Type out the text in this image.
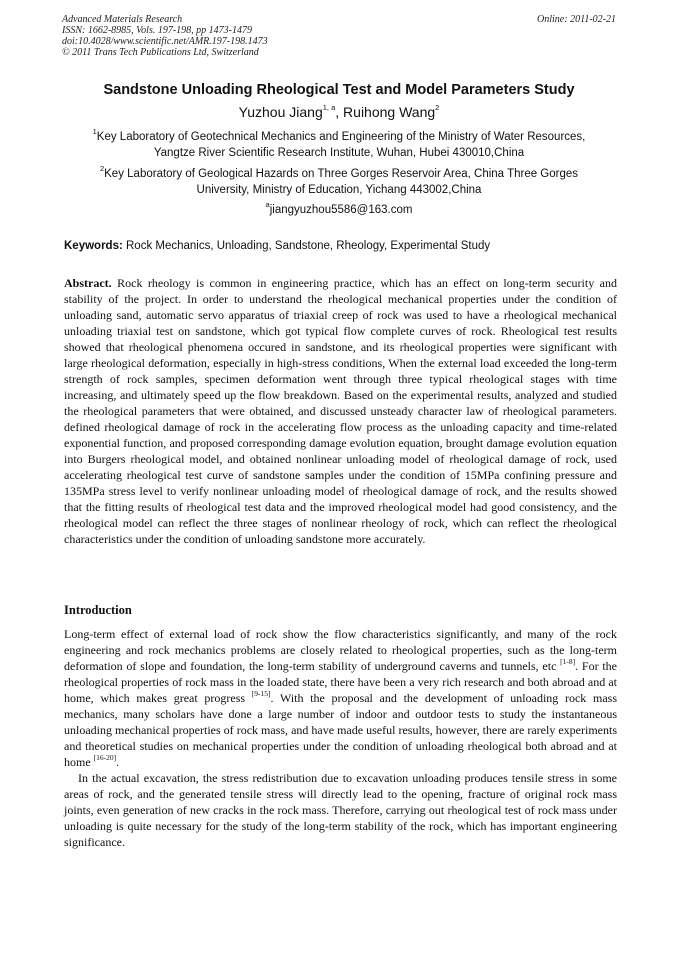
Advanced Materials Research
ISSN: 1662-8985, Vols. 197-198, pp 1473-1479
doi:10.4028/www.scientific.net/AMR.197-198.1473
© 2011 Trans Tech Publications Ltd, Switzerland
Online: 2011-02-21
Sandstone Unloading Rheological Test and Model Parameters Study
Yuzhou Jiang$^{1, a}$, Ruihong Wang$^2$
$^1$Key Laboratory of Geotechnical Mechanics and Engineering of the Ministry of Water Resources,
Yangtze River Scientific Research Institute, Wuhan, Hubei 430010,China
$^2$Key Laboratory of Geological Hazards on Three Gorges Reservoir Area, China Three Gorges
University, Ministry of Education, Yichang 443002,China
$^a$jiangyuzhou5586@163.com
Keywords: Rock Mechanics, Unloading, Sandstone, Rheology, Experimental Study
Abstract. Rock rheology is common in engineering practice, which has an effect on long-term security and stability of the project. In order to understand the rheological mechanical properties under the condition of unloading sand, automatic servo apparatus of triaxial creep of rock was used to have a rheological mechanical unloading triaxial test on sandstone, which got typical flow complete curves of rock. Rheological test results showed that rheological phenomena occured in sandstone, and its rheological properties were significant with large rheological deformation, especially in high-stress conditions, When the external load exceeded the long-term strength of rock samples, specimen deformation went through three typical rheological stages with time increasing, and ultimately speed up the flow breakdown. Based on the experimental results, analyzed and studied the rheological parameters that were obtained, and discussed unsteady character law of rheological parameters. defined rheological damage of rock in the accelerating flow process as the unloading capacity and time-related exponential function, and proposed corresponding damage evolution equation, brought damage evolution equation into Burgers rheological model, and obtained nonlinear unloading model of rheological damage of rock, used accelerating rheological test curve of sandstone samples under the condition of 15MPa confining pressure and 135MPa stress level to verify nonlinear unloading model of rheological damage of rock, and the results showed that the fitting results of rheological test data and the improved rheological model had good consistency, and the rheological model can reflect the three stages of nonlinear rheology of rock, which can reflect the rheological characteristics under the condition of unloading sandstone more accurately.
Introduction

Long-term effect of external load of rock show the flow characteristics significantly, and many of the rock engineering and rock mechanics problems are closely related to rheological properties, such as the long-term deformation of slope and foundation, the long-term stability of underground caverns and tunnels, etc [1-8]. For the rheological properties of rock mass in the loaded state, there have been a very rich research and both abroad and at home, which makes great progress [9-15]. With the proposal and the development of unloading rock mass mechanics, many scholars have done a large number of indoor and outdoor tests to study the instantaneous unloading mechanical properties of rock mass, and have made useful results, however, there are rarely experiments and theoretical studies on mechanical properties under the condition of unloading rheological both abroad and at home [16-20].

In the actual excavation, the stress redistribution due to excavation unloading produces tensile stress in some areas of rock, and the generated tensile stress will directly lead to the opening, fracture of original rock mass joints, even generation of new cracks in the rock mass. Therefore, carrying out rheological test of rock mass under unloading is quite necessary for the study of the long-term stability of the rock, which has important engineering significance.
